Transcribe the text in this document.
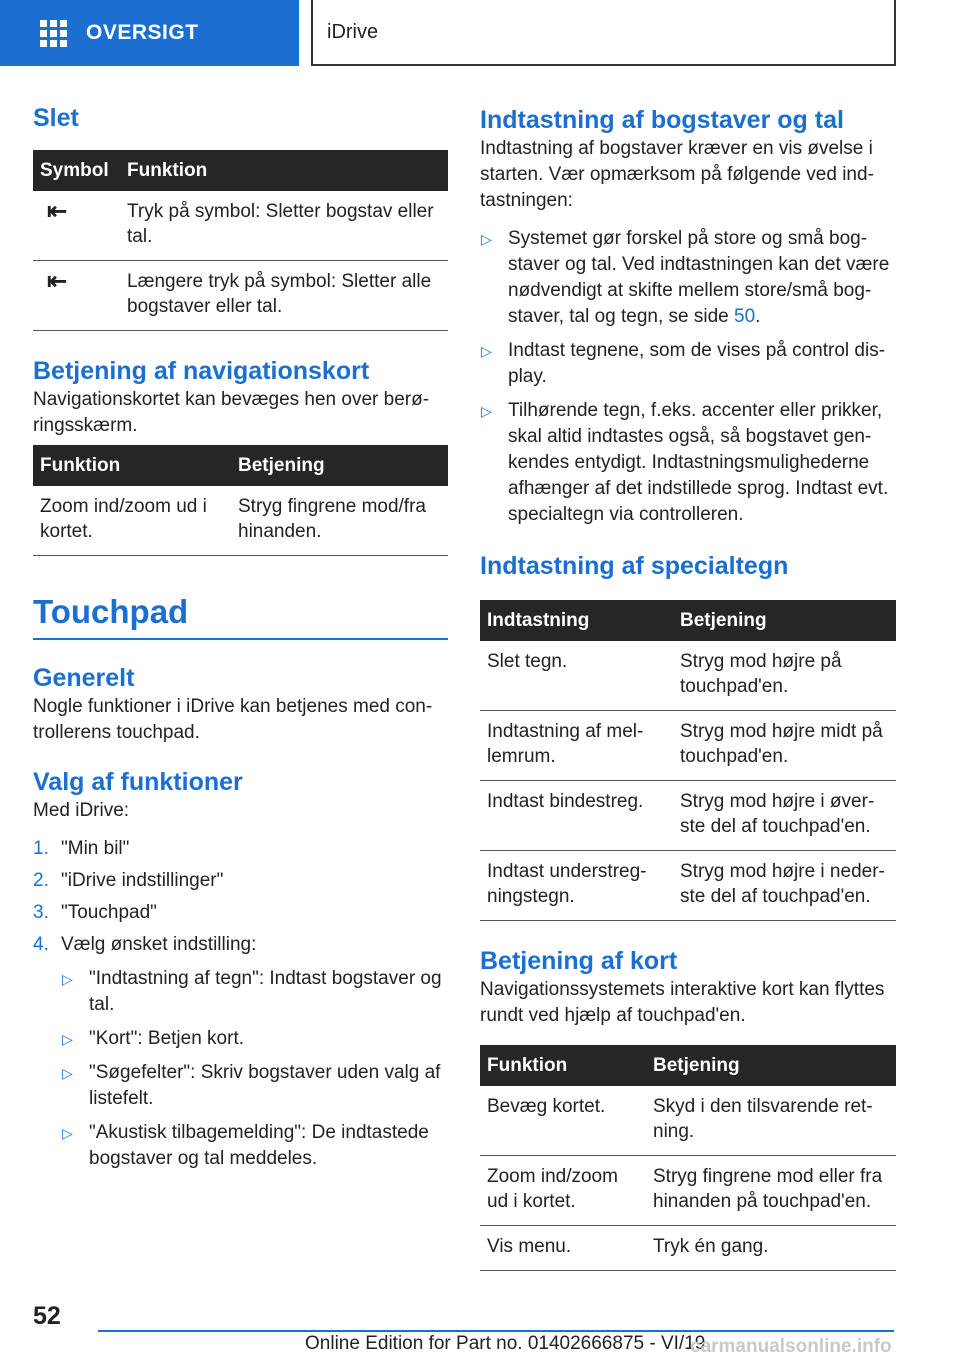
OVERSIGT	iDrive
Slet
Symbol	Funktion
⇤	Tryk på symbol: Sletter bogstav eller tal.
⇤	Længere tryk på symbol: Sletter alle bogstaver eller tal.
Betjening af navigationskort

Navigationskortet kan bevæges hen over berøringsskærm.

Funktion	Betjening
Zoom ind/zoom ud i kortet.	Stryg fingrene mod/fra hinanden.
Touchpad
Generelt

Nogle funktioner i iDrive kan betjenes med controllerens touchpad.

Valg af funktioner

Med iDrive:

1. "Min bil"
2. "iDrive indstillinger"
3. "Touchpad"
4. Vælg ønsket indstilling:
▷ "Indtastning af tegn": Indtast bogstaver og tal.
▷ "Kort": Betjen kort.
▷ "Søgefelter": Skriv bogstaver uden valg af listefelt.
▷ "Akustisk tilbagemelding": De indtastede bogstaver og tal meddeles.
Indtastning af bogstaver og tal

Indtastning af bogstaver kræver en vis øvelse i starten. Vær opmærksom på følgende ved indtastningen:

▷ Systemet gør forskel på store og små bogstaver og tal. Ved indtastningen kan det være nødvendigt at skifte mellem store/små bogstaver, tal og tegn, se side 50.
▷ Indtast tegnene, som de vises på control display.
▷ Tilhørende tegn, f.eks. accenter eller prikker, skal altid indtastes også, så bogstavet genkendes entydigt. Indtastningsmulighederne afhænger af det indstillede sprog. Indtast evt. specialtegn via controlleren.
Indtastning af specialtegn
Indtastning	Betjening
Slet tegn.	Stryg mod højre på touchpad'en.
Indtastning af mellemrum.	Stryg mod højre midt på touchpad'en.
Indtast bindestreg.	Stryg mod højre i øverste del af touchpad'en.
Indtast understregningstegn.	Stryg mod højre i nederste del af touchpad'en.
Betjening af kort

Navigationssystemets interaktive kort kan flyttes rundt ved hjælp af touchpad'en.

Funktion	Betjening
Bevæg kortet.	Skyd i den tilsvarende retning.
Zoom ind/zoom ud i kortet.	Stryg fingrene mod eller fra hinanden på touchpad'en.
Vis menu.	Tryk én gang.
52
Online Edition for Part no. 01402666875 - VI/19
carmanualsonline.info
